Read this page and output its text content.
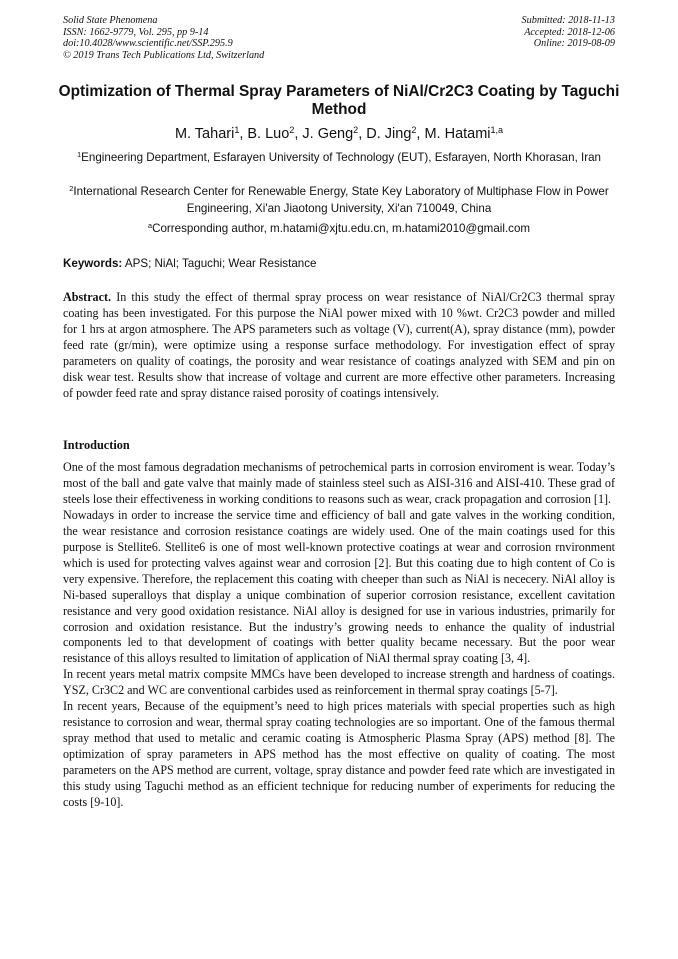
Solid State Phenomena
ISSN: 1662-9779, Vol. 295, pp 9-14
doi:10.4028/www.scientific.net/SSP.295.9
© 2019 Trans Tech Publications Ltd, Switzerland
Submitted: 2018-11-13
Accepted: 2018-12-06
Online: 2019-08-09
Optimization of Thermal Spray Parameters of NiAl/Cr2C3 Coating by Taguchi Method
M. Tahari$^1$, B. Luo$^2$, J. Geng$^2$, D. Jing$^2$, M. Hatami$^{1,a}$
$^1$Engineering Department, Esfarayen University of Technology (EUT), Esfarayen, North Khorasan, Iran
$^2$International Research Center for Renewable Energy, State Key Laboratory of Multiphase Flow in Power Engineering, Xi'an Jiaotong University, Xi'an 710049, China
$^a$Corresponding author, m.hatami@xjtu.edu.cn, m.hatami2010@gmail.com
Keywords: APS; NiAl; Taguchi; Wear Resistance
Abstract. In this study the effect of thermal spray process on wear resistance of NiAl/Cr2C3 thermal spray coating has been investigated. For this purpose the NiAl power mixed with 10 %wt. Cr2C3 powder and milled for 1 hrs at argon atmosphere. The APS parameters such as voltage (V), current(A), spray distance (mm), powder feed rate (gr/min), were optimize using a response surface methodology. For investigation effect of spray parameters on quality of coatings, the porosity and wear resistance of coatings analyzed with SEM and pin on disk wear test. Results show that increase of voltage and current are more effective other parameters. Increasing of powder feed rate and spray distance raised porosity of coatings intensively.
Introduction

One of the most famous degradation mechanisms of petrochemical parts in corrosion enviroment is wear. Today’s most of the ball and gate valve that mainly made of stainless steel such as AISI-316 and AISI-410. These grad of steels lose their effectiveness in working conditions to reasons such as wear, crack propagation and corrosion [1].

Nowadays in order to increase the service time and efficiency of ball and gate valves in the working condition, the wear resistance and corrosion resistance coatings are widely used. One of the main coatings used for this purpose is Stellite6. Stellite6 is one of most well-known protective coatings at wear and corrosion rnvironment which is used for protecting valves against wear and corrosion [2]. But this coating due to high content of Co is very expensive. Therefore, the replacement this coating with cheeper than such as NiAl is nececery. NiAl alloy is Ni-based superalloys that display a unique combination of superior corrosion resistance, excellent cavitation resistance and very good oxidation resistance. NiAl alloy is designed for use in various industries, primarily for corrosion and oxidation resistance. But the industry’s growing needs to enhance the quality of industrial components led to that development of coatings with better quality became necessary. But the poor wear resistance of this alloys resulted to limitation of application of NiAl thermal spray coating [3, 4].

In recent years metal matrix compsite MMCs have been developed to increase strength and hardness of coatings. YSZ, Cr3C2 and WC are conventional carbides used as reinforcement in thermal spray coatings [5-7].

In recent years, Because of the equipment’s need to high prices materials with special properties such as high resistance to corrosion and wear, thermal spray coating technologies are so important. One of the famous thermal spray method that used to metalic and ceramic coating is Atmospheric Plasma Spray (APS) method [8]. The optimization of spray parameters in APS method has the most effective on quality of coating. The most parameters on the APS method are current, voltage, spray distance and powder feed rate which are investigated in this study using Taguchi method as an efficient technique for reducing number of experiments for reducing the costs [9-10].
